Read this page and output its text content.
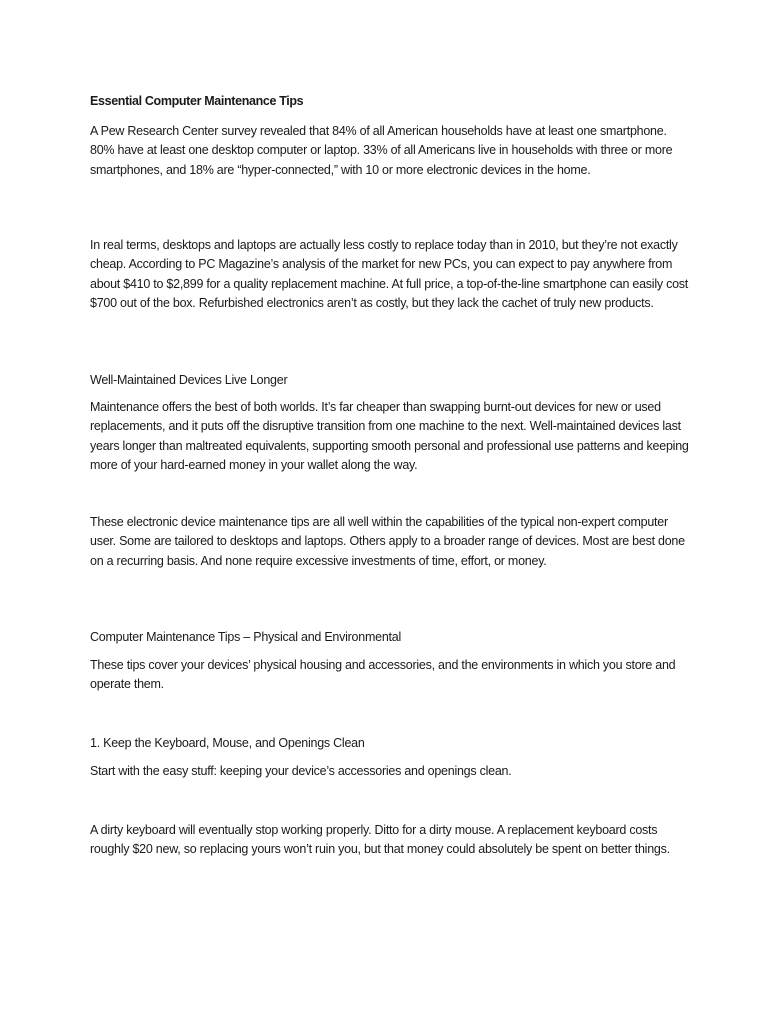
Essential Computer Maintenance Tips

A Pew Research Center survey revealed that 84% of all American households have at least one smartphone. 80% have at least one desktop computer or laptop. 33% of all Americans live in households with three or more smartphones, and 18% are “hyper-connected,” with 10 or more electronic devices in the home.

In real terms, desktops and laptops are actually less costly to replace today than in 2010, but they’re not exactly cheap. According to PC Magazine’s analysis of the market for new PCs, you can expect to pay anywhere from about $410 to $2,899 for a quality replacement machine. At full price, a top-of-the-line smartphone can easily cost $700 out of the box. Refurbished electronics aren’t as costly, but they lack the cachet of truly new products.

Well-Maintained Devices Live Longer

Maintenance offers the best of both worlds. It’s far cheaper than swapping burnt-out devices for new or used replacements, and it puts off the disruptive transition from one machine to the next. Well-maintained devices last years longer than maltreated equivalents, supporting smooth personal and professional use patterns and keeping more of your hard-earned money in your wallet along the way.

These electronic device maintenance tips are all well within the capabilities of the typical non-expert computer user. Some are tailored to desktops and laptops. Others apply to a broader range of devices. Most are best done on a recurring basis. And none require excessive investments of time, effort, or money.

Computer Maintenance Tips – Physical and Environmental

These tips cover your devices’ physical housing and accessories, and the environments in which you store and operate them.

1. Keep the Keyboard, Mouse, and Openings Clean

Start with the easy stuff: keeping your device’s accessories and openings clean.

A dirty keyboard will eventually stop working properly. Ditto for a dirty mouse. A replacement keyboard costs roughly $20 new, so replacing yours won’t ruin you, but that money could absolutely be spent on better things.
